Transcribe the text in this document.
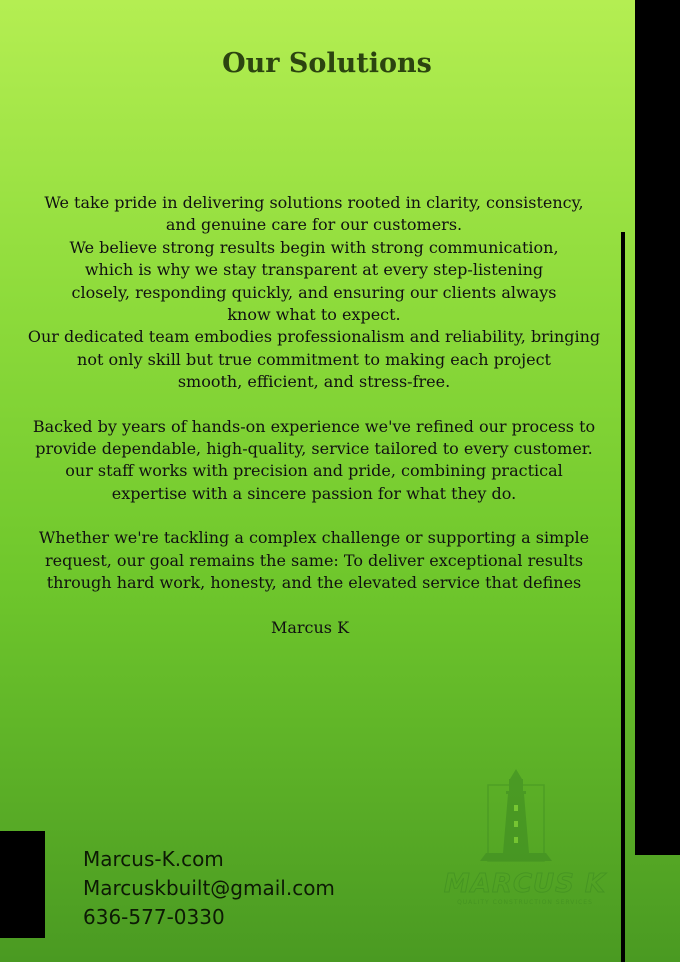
Our Solutions

We take pride in delivering solutions rooted in clarity, consistency,
and genuine care for our customers.
We believe strong results begin with strong communication,
which is why we stay transparent at every step-listening
closely, responding quickly, and ensuring our clients always
know what to expect.
Our dedicated team embodies professionalism and reliability, bringing
not only skill but true commitment to making each project
smooth, efficient, and stress-free.

Backed by years of hands-on experience we've refined our process to
provide dependable, high-quality, service tailored to every customer.
our staff works with precision and pride, combining practical
expertise with a sincere passion for what they do.

Whether we're tackling a complex challenge or supporting a simple
request, our goal remains the same: To deliver exceptional results
through hard work, honesty, and the elevated service that defines

Marcus K
Marcus-K.com
Marcuskbuilt@gmail.com
636-577-0330
MARCUS K
QUALITY CONSTRUCTION SERVICES
